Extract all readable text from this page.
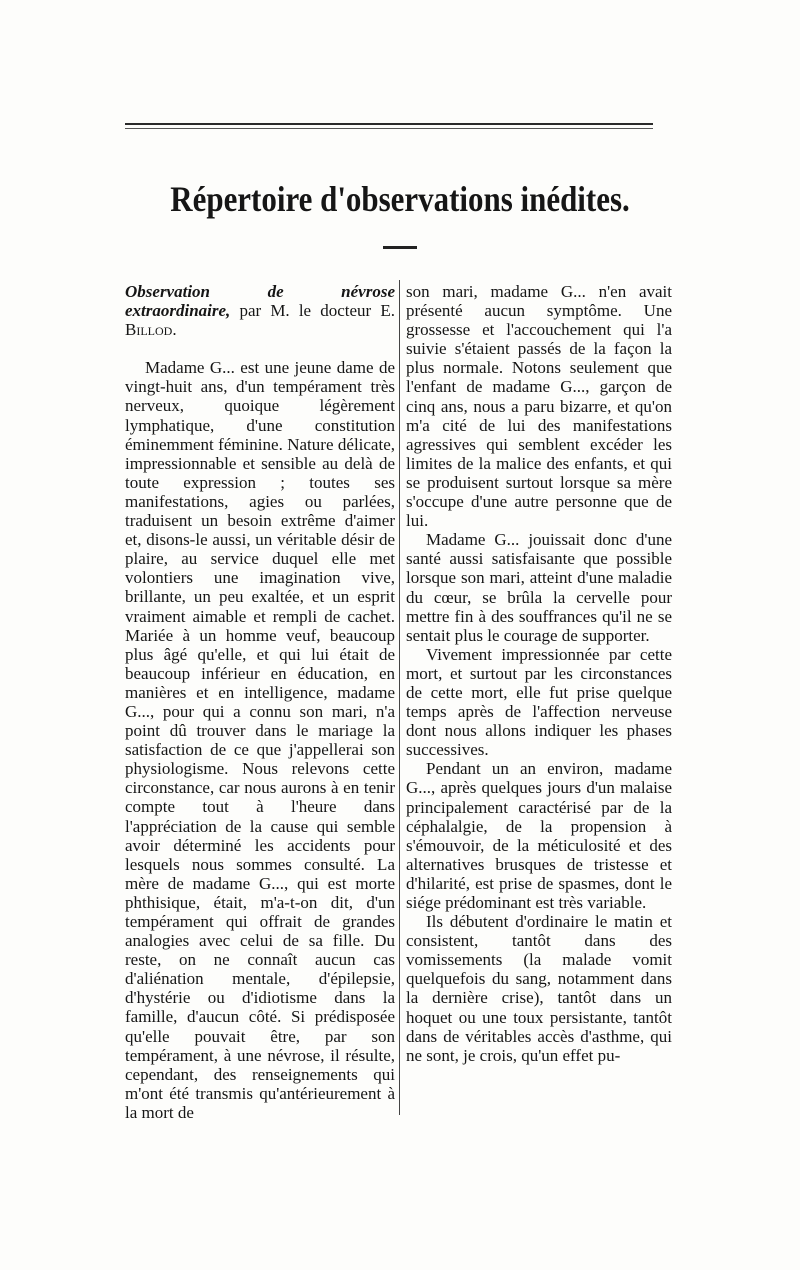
Répertoire d'observations inédites.

Observation de névrose extraordinaire, par M. le docteur E. Billod.

Madame G... est une jeune dame de vingt-huit ans, d'un tempérament très nerveux, quoique légèrement lymphatique, d'une constitution éminemment féminine. Nature délicate, impressionnable et sensible au delà de toute expression ; toutes ses manifestations, agies ou parlées, traduisent un besoin extrême d'aimer et, disons-le aussi, un véritable désir de plaire, au service duquel elle met volontiers une imagination vive, brillante, un peu exaltée, et un esprit vraiment aimable et rempli de cachet. Mariée à un homme veuf, beaucoup plus âgé qu'elle, et qui lui était de beaucoup inférieur en éducation, en manières et en intelligence, madame G..., pour qui a connu son mari, n'a point dû trouver dans le mariage la satisfaction de ce que j'appellerai son physiologisme. Nous relevons cette circonstance, car nous aurons à en tenir compte tout à l'heure dans l'appréciation de la cause qui semble avoir déterminé les accidents pour lesquels nous sommes consulté. La mère de madame G..., qui est morte phthisique, était, m'a-t-on dit, d'un tempérament qui offrait de grandes analogies avec celui de sa fille. Du reste, on ne connaît aucun cas d'aliénation mentale, d'épilepsie, d'hystérie ou d'idiotisme dans la famille, d'aucun côté. Si prédisposée qu'elle pouvait être, par son tempérament, à une névrose, il résulte, cependant, des renseignements qui m'ont été transmis qu'antérieurement à la mort de

son mari, madame G... n'en avait présenté aucun symptôme. Une grossesse et l'accouchement qui l'a suivie s'étaient passés de la façon la plus normale. Notons seulement que l'enfant de madame G..., garçon de cinq ans, nous a paru bizarre, et qu'on m'a cité de lui des manifestations agressives qui semblent excéder les limites de la malice des enfants, et qui se produisent surtout lorsque sa mère s'occupe d'une autre personne que de lui.

Madame G... jouissait donc d'une santé aussi satisfaisante que possible lorsque son mari, atteint d'une maladie du cœur, se brûla la cervelle pour mettre fin à des souffrances qu'il ne se sentait plus le courage de supporter.

Vivement impressionnée par cette mort, et surtout par les circonstances de cette mort, elle fut prise quelque temps après de l'affection nerveuse dont nous allons indiquer les phases successives.

Pendant un an environ, madame G..., après quelques jours d'un malaise principalement caractérisé par de la céphalalgie, de la propension à s'émouvoir, de la méticulosité et des alternatives brusques de tristesse et d'hilarité, est prise de spasmes, dont le siége prédominant est très variable.

Ils débutent d'ordinaire le matin et consistent, tantôt dans des vomissements (la malade vomit quelquefois du sang, notamment dans la dernière crise), tantôt dans un hoquet ou une toux persistante, tantôt dans de véritables accès d'asthme, qui ne sont, je crois, qu'un effet pu-
